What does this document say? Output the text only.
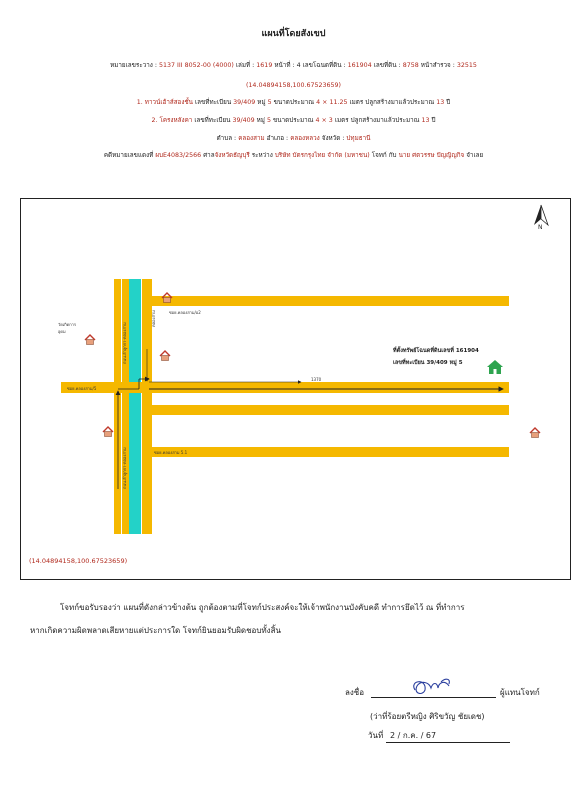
แผนที่โดยสังเขป
หมายเลขระวาง : 5137 III 8052-00 (4000) เล่มที่ : 1619 หน้าที่ : 4 เลขโฉนดที่ดิน : 161904 เลขที่ดิน : 8758 หน้าสำรวจ : 32515
(14.04894158,100.67523659)
1. ทาวน์เฮ้าส์สองชั้น เลขที่ทะเบียน 39/409 หมู่ 5 ขนาดประมาณ 4 × 11.25 เมตร ปลูกสร้างมาแล้วประมาณ 13 ปี
2. โครงหลังคา เลขที่ทะเบียน 39/409 หมู่ 5 ขนาดประมาณ 4 × 3 เมตร ปลูกสร้างมาแล้วประมาณ 13 ปี
ตำบล : คลองสาม อำเภอ : คลองหลวง จังหวัด : ปทุมธานี
คดีหมายเลขแดงที่ ผบE4083/2566 ศาลจังหวัดธัญบุรี ระหว่าง บริษัท บัตรกรุงไทย จำกัด (มหาชน) โจทก์ กับ นาย ศตวรรษ ปัญญิญกิจ จำเลย
N
ซอย.คลองสาม/อ2
ซอย.คลองสาม/5
ซอย.คลองสาม 5.1
ถนน.ลำลูกกา-คลองสาม
ถนน.ลำลูกกา-คลองสาม
คลองสาม
วัดเกิดการ
อุดม
1370
ที่ตั้งทรัพย์โฉนดที่ดินเลขที่ 161904
เลขที่ทะเบียน 39/409 หมู่ 5
(14.04894158,100.67523659)
โจทก์ขอรับรองว่า แผนที่ดังกล่าวข้างต้น ถูกต้องตามที่โจทก์ประสงค์จะให้เจ้าพนักงานบังคับคดี ทำการยึดไว้ ณ ที่ทำการ
หากเกิดความผิดพลาดเสียหายแต่ประการใด โจทก์ยินยอมรับผิดชอบทั้งสิ้น
ลงชื่อ	ผู้แทนโจทก์
(ว่าที่ร้อยตรีหญิง ศิริขวัญ ชัยเดช)
วันที่ 2 / ก.ค. / 67
